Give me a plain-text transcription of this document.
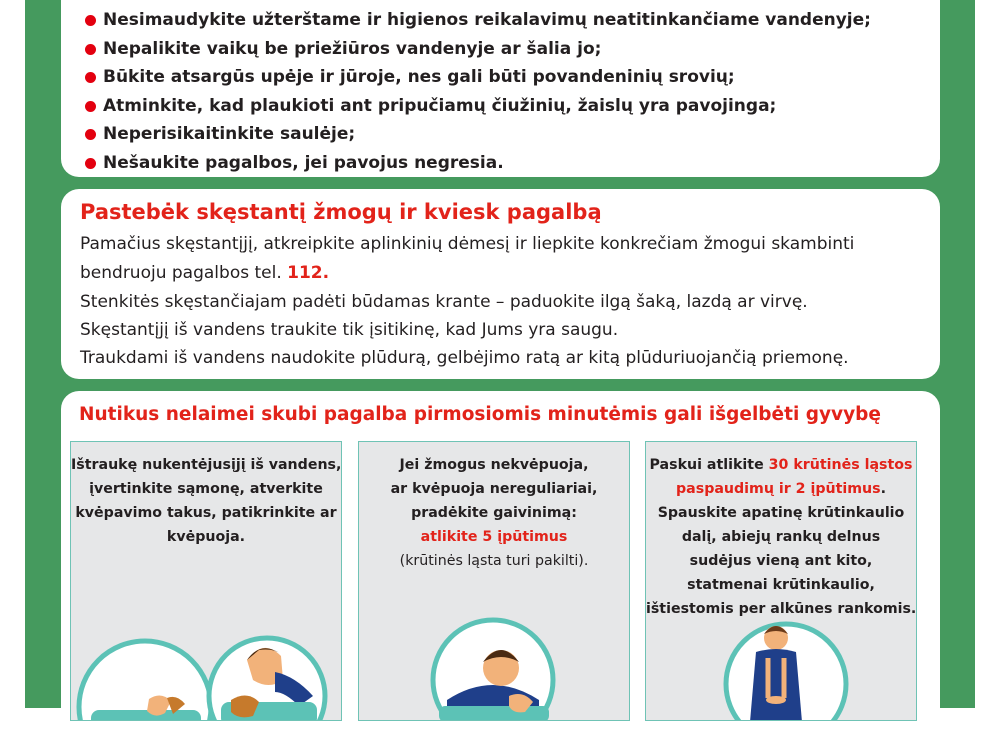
Nesimaudykite užterštame ir higienos reikalavimų neatitinkančiame vandenyje;
Nepalikite vaikų be priežiūros vandenyje ar šalia jo;
Būkite atsargūs upėje ir jūroje, nes gali būti povandeninių srovių;
Atminkite, kad plaukioti ant pripučiamų čiužinių, žaislų yra pavojinga;
Neperisikaitinkite saulėje;
Nešaukite pagalbos, jei pavojus negresia.
Pastebėk skęstantį žmogų ir kviesk pagalbą
Pamačius skęstantįjį, atkreipkite aplinkinių dėmesį ir liepkite konkrečiam žmogui skambinti
bendruoju pagalbos tel. 112.
Stenkitės skęstančiajam padėti būdamas krante – paduokite ilgą šaką, lazdą ar virvę.
Skęstantįjį iš vandens traukite tik įsitikinę, kad Jums yra saugu.
Traukdami iš vandens naudokite plūdurą, gelbėjimo ratą ar kitą plūduriuojančią priemonę.
Nutikus nelaimei skubi pagalba pirmosiomis minutėmis gali išgelbėti gyvybę
Ištraukę nukentėjusįjį iš vandens,
įvertinkite sąmonę, atverkite
kvėpavimo takus, patikrinkite ar
kvėpuoja.
Jei žmogus nekvėpuoja,
ar kvėpuoja nereguliariai,
pradėkite gaivinimą:
atlikite 5 įpūtimus
(krūtinės ląsta turi pakilti).
Paskui atlikite 30 krūtinės ląstos
paspaudimų ir 2 įpūtimus.
Spauskite apatinę krūtinkaulio
dalį, abiejų rankų delnus
sudėjus vieną ant kito,
statmenai krūtinkaulio,
ištiestomis per alkūnes rankomis.
